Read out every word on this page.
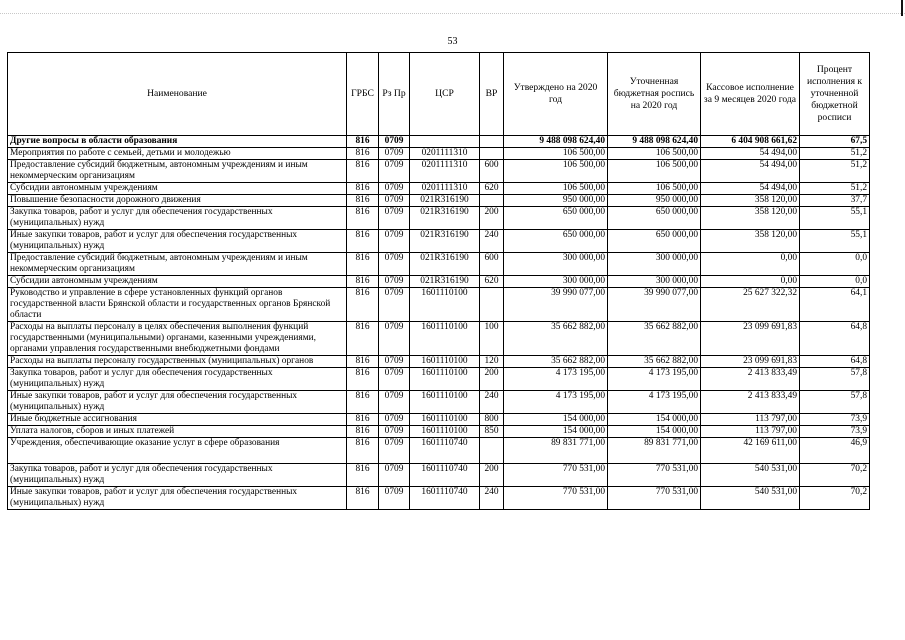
53
Наименование	ГРБС	Рз Пр	ЦСР	ВР	Утверждено на 2020 год	Уточненная бюджетная роспись на 2020 год	Кассовое исполнение за 9 месяцев 2020 года	Процент исполнения к уточненной бюджетной росписи
Другие вопросы в области образования	816	0709			9 488 098 624,40	9 488 098 624,40	6 404 908 661,62	67,5
Мероприятия по работе с семьей, детьми и молодежью	816	0709	0201111310		106 500,00	106 500,00	54 494,00	51,2
Предоставление субсидий бюджетным, автономным учреждениям и иным некоммерческим организациям	816	0709	0201111310	600	106 500,00	106 500,00	54 494,00	51,2
Субсидии автономным учреждениям	816	0709	0201111310	620	106 500,00	106 500,00	54 494,00	51,2
Повышение безопасности дорожного движения	816	0709	021R316190		950 000,00	950 000,00	358 120,00	37,7
Закупка товаров, работ и услуг для обеспечения государственных (муниципальных) нужд	816	0709	021R316190	200	650 000,00	650 000,00	358 120,00	55,1
Иные закупки товаров, работ и услуг для обеспечения государственных (муниципальных) нужд	816	0709	021R316190	240	650 000,00	650 000,00	358 120,00	55,1
Предоставление субсидий бюджетным, автономным учреждениям и иным некоммерческим организациям	816	0709	021R316190	600	300 000,00	300 000,00	0,00	0,0
Субсидии автономным учреждениям	816	0709	021R316190	620	300 000,00	300 000,00	0,00	0,0
Руководство и управление в сфере установленных функций органов государственной власти Брянской области и государственных органов Брянской области	816	0709	1601110100		39 990 077,00	39 990 077,00	25 627 322,32	64,1
Расходы на выплаты персоналу в целях обеспечения выполнения функций государственными (муниципальными) органами, казенными учреждениями, органами управления государственными внебюджетными фондами	816	0709	1601110100	100	35 662 882,00	35 662 882,00	23 099 691,83	64,8
Расходы на выплаты персоналу государственных (муниципальных) органов	816	0709	1601110100	120	35 662 882,00	35 662 882,00	23 099 691,83	64,8
Закупка товаров, работ и услуг для обеспечения государственных (муниципальных) нужд	816	0709	1601110100	200	4 173 195,00	4 173 195,00	2 413 833,49	57,8
Иные закупки товаров, работ и услуг для обеспечения государственных (муниципальных) нужд	816	0709	1601110100	240	4 173 195,00	4 173 195,00	2 413 833,49	57,8
Иные бюджетные ассигнования	816	0709	1601110100	800	154 000,00	154 000,00	113 797,00	73,9
Уплата налогов, сборов и иных платежей	816	0709	1601110100	850	154 000,00	154 000,00	113 797,00	73,9
Учреждения, обеспечивающие оказание услуг в сфере образования	816	0709	1601110740		89 831 771,00	89 831 771,00	42 169 611,00	46,9
Закупка товаров, работ и услуг для обеспечения государственных (муниципальных) нужд	816	0709	1601110740	200	770 531,00	770 531,00	540 531,00	70,2
Иные закупки товаров, работ и услуг для обеспечения государственных (муниципальных) нужд	816	0709	1601110740	240	770 531,00	770 531,00	540 531,00	70,2
